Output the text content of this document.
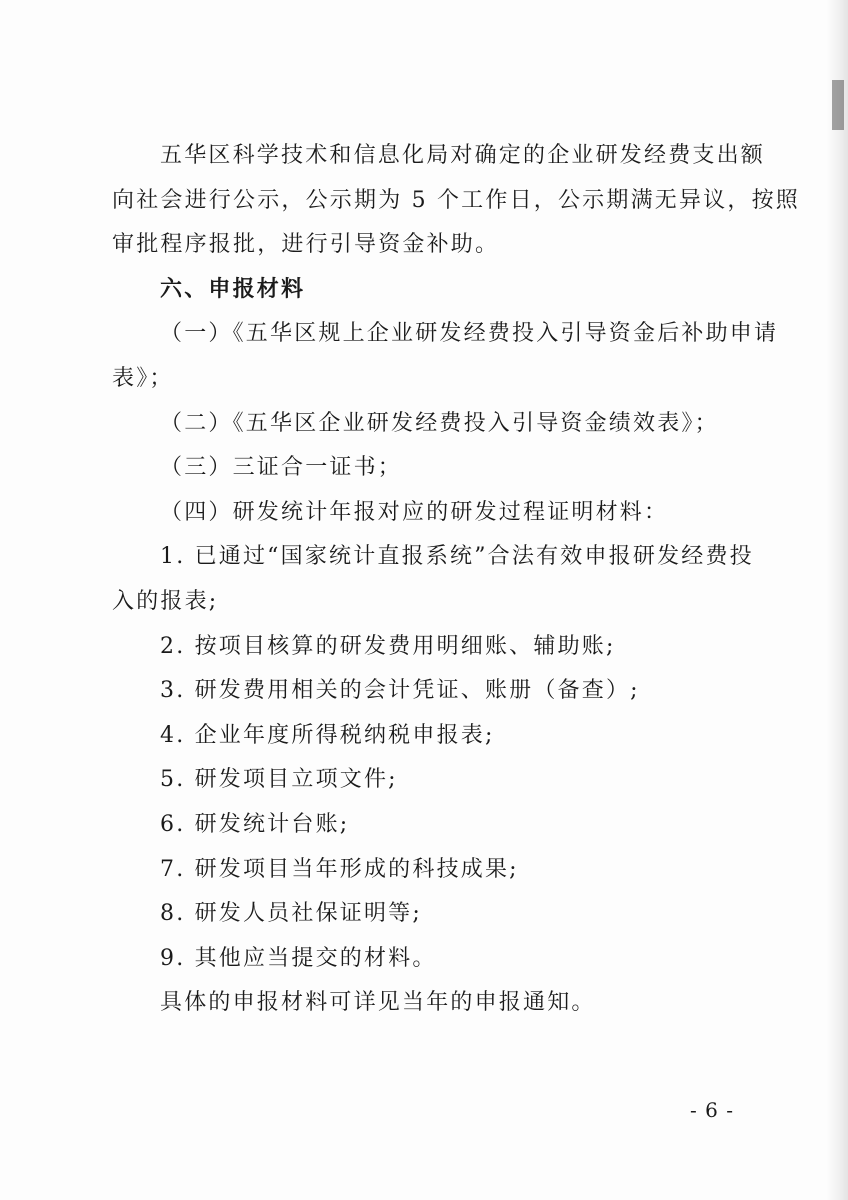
五华区科学技术和信息化局对确定的企业研发经费支出额
向社会进行公示，公示期为 5 个工作日，公示期满无异议，按照
审批程序报批，进行引导资金补助。
六、申报材料
（一）《五华区规上企业研发经费投入引导资金后补助申请
表》；
（二）《五华区企业研发经费投入引导资金绩效表》；
（三）三证合一证书；
（四）研发统计年报对应的研发过程证明材料：
1. 已通过“国家统计直报系统”合法有效申报研发经费投
入的报表;
2. 按项目核算的研发费用明细账、辅助账;
3. 研发费用相关的会计凭证、账册（备查）;
4. 企业年度所得税纳税申报表;
5. 研发项目立项文件;
6. 研发统计台账;
7. 研发项目当年形成的科技成果;
8. 研发人员社保证明等;
9. 其他应当提交的材料。
具体的申报材料可详见当年的申报通知。
- 6 -
